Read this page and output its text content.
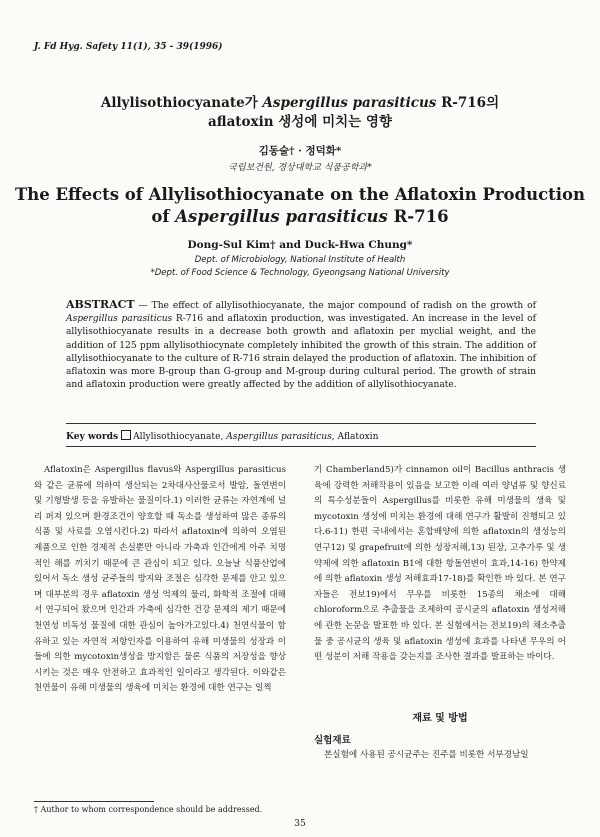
J. Fd Hyg. Safety 11(1), 35 - 39(1996)
Allylisothiocyanate가 Aspergillus parasiticus R-716의
aflatoxin 생성에 미치는 영향
김동술† · 정덕화*
국립보건원, 경상대학교 식품공학과*
The Effects of Allylisothiocyanate on the Aflatoxin Production
of Aspergillus parasiticus R-716
Dong-Sul Kim† and Duck-Hwa Chung*
Dept. of Microbiology, National Institute of Health
*Dept. of Food Science & Technology, Gyeongsang National University
ABSTRACT — The effect of allylisothiocyanate, the major compound of radish on the growth of Aspergillus parasiticus R-716 and aflatoxin production, was investigated. An increase in the level of allylisothiocyanate results in a decrease both growth and aflatoxin per myclial weight, and the addition of 125 ppm allylisothiocynate completely inhibited the growth of this strain. The addition of allylisothiocyanate to the culture of R-716 strain delayed the production of aflatoxin. The inhibition of aflatoxin was more B-group than G-group and M-group during cultural period. The growth of strain and aflatoxin production were greatly affected by the addition of allylisothiocyanate.
Key words Allylisothiocyanate, Aspergillus parasiticus, Aflatoxin
Aflatoxin은 Aspergillus flavus와 Aspergillus parasiticus와 같은 균류에 의하여 생산되는 2차대사산물로서 발암, 돌연변이 및 기형발생 등을 유발하는 물질이다.1) 이러한 균류는 자연계에 널리 퍼져 있으며 환경조건이 양호할 때 독소를 생성하여 많은 종류의 식품 및 사료를 오염시킨다.2) 따라서 aflatoxin에 의하여 오염된 제품으로 인한 경제적 손실뿐만 아니라 가축과 인간에게 아주 치명적인 해를 끼치기 때문에 큰 관심이 되고 있다. 오늘날 식품산업에 있어서 독소 생성 균주들의 방지와 조절은 심각한 문제를 안고 있으며 대부분의 경우 aflatoxin 생성 억제의 물리, 화학적 조절에 대해서 연구되어 왔으며 인간과 가축에 심각한 건강 문제의 제기 때문에 천연성 비독성 물질에 대한 관심이 높아가고있다.4) 천연식물이 함유하고 있는 자연적 저항인자를 이용하여 유해 미생물의 성장과 이들에 의한 mycotoxin생성을 방지함은 물론 식품의 저장성을 향상시키는 것은 매우 안전하고 효과적인 일이라고 생각된다. 이와같은 천연물이 유해 미생물의 생육에 미치는 환경에 대한 연구는 일찍
기 Chamberland5)가 cinnamon oil이 Bacillus anthracis 생육에 강력한 저해작용이 있음을 보고한 이래 여러 양념류 및 향신료의 특수성분들이 Aspergillus를 비롯한 유해 미생물의 생육 및 mycotoxin 생성에 미치는 환경에 대해 연구가 활발히 진행되고 있다.6-11) 한편 국내에서는 혼합배양에 의한 aflatoxin의 생성능의 연구12) 및 grapefruit에 의한 성장저해,13) 된장, 고추가루 및 생약제에 의한 aflatoxin B1에 대한 항돌연변이 효과,14-16) 한약제에 의한 aflatoxin 생성 저해효과17-18)를 확인한 바 있다. 본 연구자들은 전보19)에서 무우를 비롯한 15종의 채소에 대해 chloroform으로 추출물을 조제하여 공시균의 aflatoxin 생성저해에 관한 논문을 발표한 바 있다. 본 실험에서는 전보19)의 채소추출물 중 공시균의 생육 및 aflatoxin 생성에 효과를 나타낸 무우의 어떤 성분이 저해 작용을 갖는지를 조사한 결과를 발표하는 바이다.
재료 및 방법
실험재료
본실험에 사용된 공시균주는 진주를 비롯한 서부경남일
† Author to whom correspondence should be addressed.
35
